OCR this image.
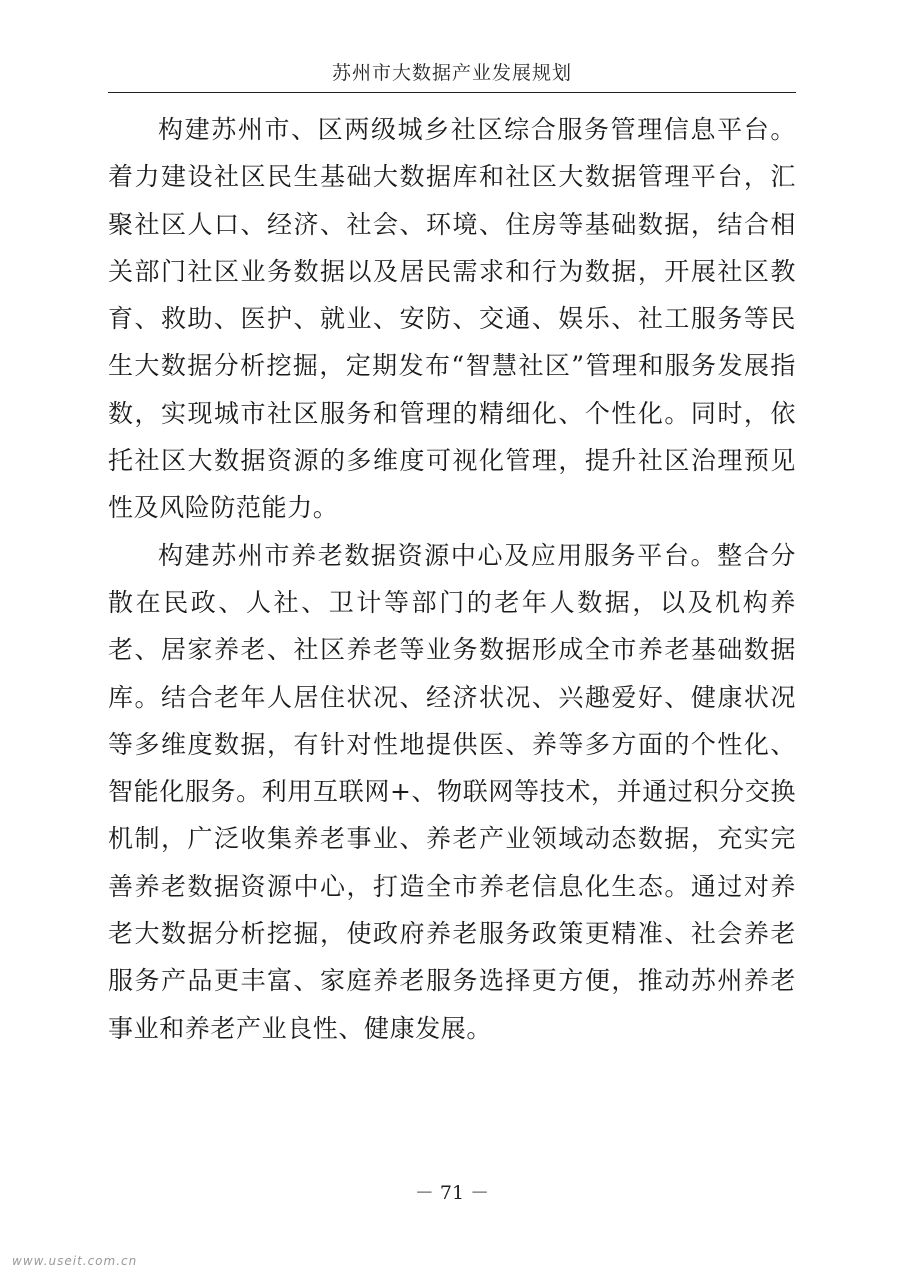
苏州市大数据产业发展规划

构建苏州市、区两级城乡社区综合服务管理信息平台。着力建设社区民生基础大数据库和社区大数据管理平台，汇聚社区人口、经济、社会、环境、住房等基础数据，结合相关部门社区业务数据以及居民需求和行为数据，开展社区教育、救助、医护、就业、安防、交通、娱乐、社工服务等民生大数据分析挖掘，定期发布“智慧社区”管理和服务发展指数，实现城市社区服务和管理的精细化、个性化。同时，依托社区大数据资源的多维度可视化管理，提升社区治理预见性及风险防范能力。

构建苏州市养老数据资源中心及应用服务平台。整合分散在民政、人社、卫计等部门的老年人数据，以及机构养老、居家养老、社区养老等业务数据形成全市养老基础数据库。结合老年人居住状况、经济状况、兴趣爱好、健康状况等多维度数据，有针对性地提供医、养等多方面的个性化、智能化服务。利用互联网+、物联网等技术，并通过积分交换机制，广泛收集养老事业、养老产业领域动态数据，充实完善养老数据资源中心，打造全市养老信息化生态。通过对养老大数据分析挖掘，使政府养老服务政策更精准、社会养老服务产品更丰富、家庭养老服务选择更方便，推动苏州养老事业和养老产业良性、健康发展。

－ 71 －
www.useit.com.cn
